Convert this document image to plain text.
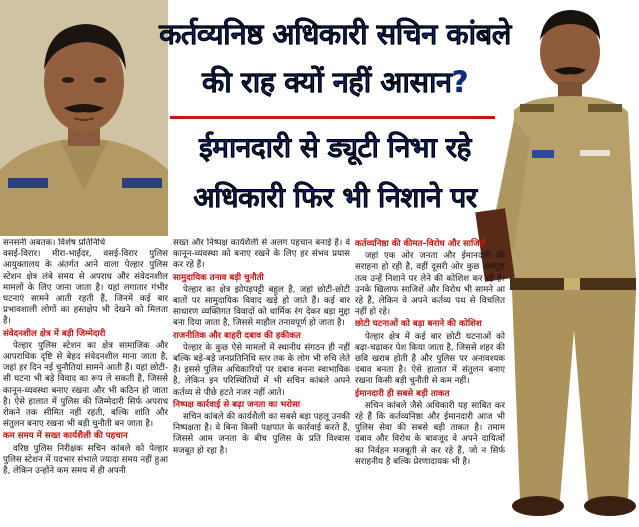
कर्तव्यनिष्ठ अधिकारी सचिन कांबले
की राह क्यों नहीं आसान?
ईमानदारी से ड्यूटी निभा रहे
अधिकारी फिर भी निशाने पर

सनसनी अबतक। विशेष प्रतिनिधि

वसई-विरार। मीरा-भाईंदर, वसई-विरार पुलिस आयुक्तालय के अंतर्गत आने वाला पेल्हार पुलिस स्टेशन क्षेत्र लंबे समय से अपराध और संवेदनशील मामलों के लिए जाना जाता है। यहां लगातार गंभीर घटनाएं सामने आती रहती हैं, जिनमें कई बार प्रभावशाली लोगों का हस्तक्षेप भी देखने को मिलता है।

संवेदनशील क्षेत्र में बड़ी जिम्मेदारी

पेल्हार पुलिस स्टेशन का क्षेत्र सामाजिक और आपराधिक दृष्टि से बेहद संवेदनशील माना जाता है, जहां हर दिन नई चुनौतियां सामने आती हैं। यहां छोटी-सी घटना भी बड़े विवाद का रूप ले सकती है, जिससे कानून-व्यवस्था बनाए रखना और भी कठिन हो जाता है। ऐसे हालात में पुलिस की जिम्मेदारी सिर्फ अपराध रोकने तक सीमित नहीं रहती, बल्कि शांति और संतुलन बनाए रखना भी बड़ी चुनौती बन जाता है।

कम समय में सख्त कार्यशैली की पहचान

वरिष्ठ पुलिस निरीक्षक सचिन कांबले को पेल्हार पुलिस स्टेशन में पदभार संभाले ज्यादा समय नहीं हुआ है, लेकिन उन्होंने कम समय में ही अपनी

सख्त और निष्पक्ष कार्यशैली से अलग पहचान बनाई है। वे कानून-व्यवस्था को बनाए रखने के लिए हर संभव प्रयास कर रहे हैं।

सामुदायिक तनाव बड़ी चुनौती

पेल्हार का क्षेत्र झोपड़पट्टी बहुल है, जहां छोटी-छोटी बातों पर सामुदायिक विवाद खड़े हो जाते हैं। कई बार साधारण व्यक्तिगत विवादों को धार्मिक रंग देकर बड़ा मुद्दा बना दिया जाता है, जिससे माहौल तनावपूर्ण हो जाता है।

राजनीतिक और बाहरी दबाव की हकीकत

पेल्हार के कुछ ऐसे मामलों में स्थानीय संगठन ही नहीं बल्कि बड़े-बड़े जनप्रतिनिधि स्तर तक के लोग भी रुचि लेते हैं। इससे पुलिस अधिकारियों पर दबाव बनना स्वाभाविक है, लेकिन इन परिस्थितियों में भी सचिन कांबले अपने कर्तव्य से पीछे हटते नजर नहीं आते।

निष्पक्ष कार्रवाई से बढ़ा जनता का भरोसा

सचिन कांबले की कार्यशैली का सबसे बड़ा पहलू उनकी निष्पक्षता है। वे बिना किसी पक्षपात के कार्रवाई करते हैं, जिससे आम जनता के बीच पुलिस के प्रति विश्वास मजबूत हो रहा है।

कर्तव्यनिष्ठा की कीमत–विरोध और साजिशें

जहां एक ओर जनता और ईमानदारी की सराहना हो रही है, वहीं दूसरी ओर कुछ असंतुष्ट तत्व उन्हें निशाने पर लेने की कोशिश कर रहे हैं। उनके खिलाफ साजिशें और विरोध भी सामने आ रहे हैं, लेकिन वे अपने कर्तव्य पथ से विचलित नहीं हो रहे।

छोटी घटनाओं को बड़ा बनाने की कोशिश

पेल्हार क्षेत्र में कई बार छोटी घटनाओं को बढ़ा-चढ़ाकर पेश किया जाता है, जिससे शहर की छवि खराब होती है और पुलिस पर अनावश्यक दबाव बनता है। ऐसे हालात में संतुलन बनाए रखना किसी बड़ी चुनौती से कम नहीं।

ईमानदारी ही सबसे बड़ी ताकत

सचिन कांबले जैसे अधिकारी यह साबित कर रहे हैं कि कर्तव्यनिष्ठा और ईमानदारी आज भी पुलिस सेवा की सबसे बड़ी ताकत है। तमाम दबाव और विरोध के बावजूद वे अपने दायित्वों का निर्वहन मजबूती से कर रहे हैं, जो न सिर्फ सराहनीय है बल्कि प्रेरणादायक भी है।
